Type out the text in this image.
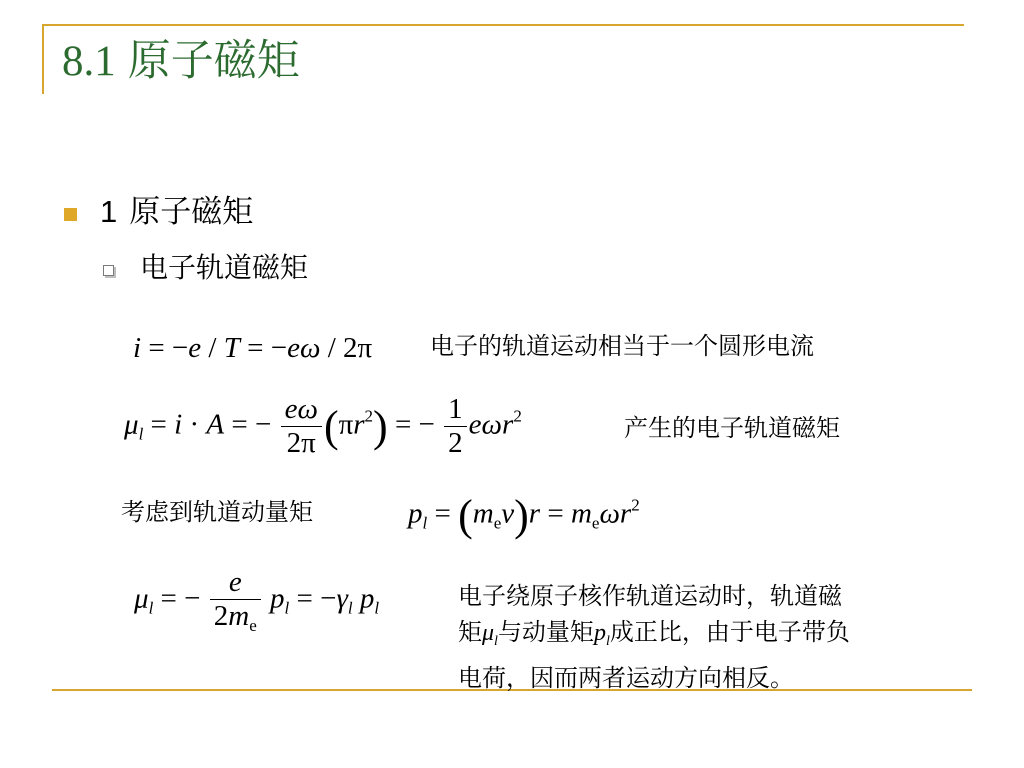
8.1 原子磁矩
1 原子磁矩
电子轨道磁矩
i = −e / T = −eω / 2π 电子的轨道运动相当于一个圆形电流
$\mu_l = i \cdot A$ = − $\frac{e\omega}{2\pi} (\pi r^2)$ = − $\frac{1}{2} e\omega r^2$	产生的电子轨道磁矩
考虑到轨道动量矩	$p_l = (m_ev)r = m_e\omega r^2$
$\mu_l$ = − $\frac{e}{2m_e} p_l = -\gamma_l$ $p_l$	电子绕原子核作轨道运动时，轨道磁
矩$\mu_l$与动量矩$p_l$成正比，由于电子带负
电荷，因而两者运动方向相反。
